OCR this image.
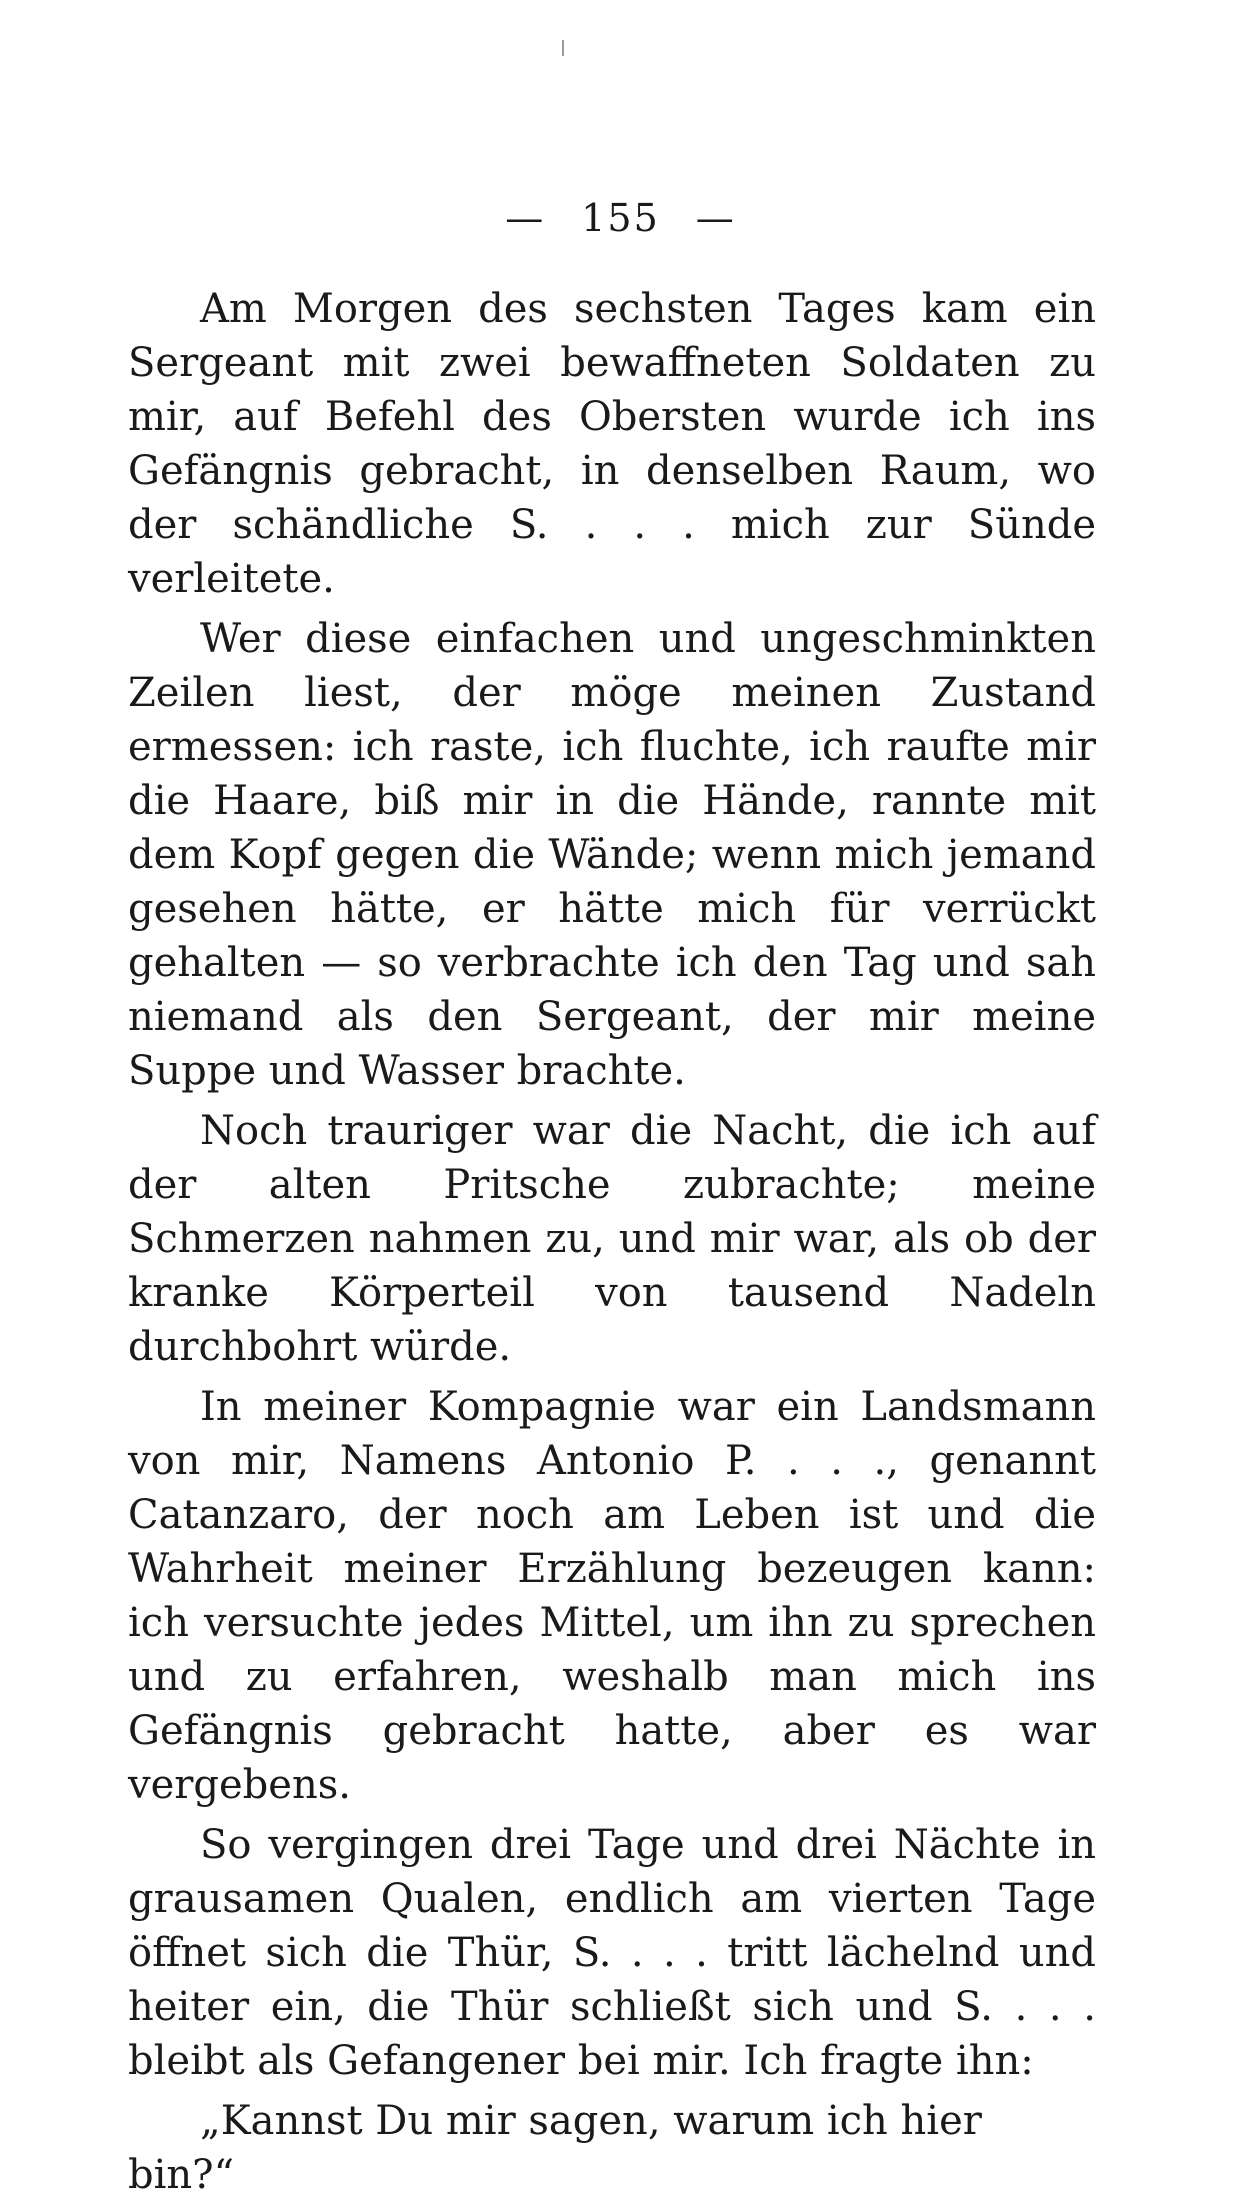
— 155 —

Am Morgen des sechsten Tages kam ein Sergeant mit zwei bewaffneten Soldaten zu mir, auf Befehl des Obersten wurde ich ins Gefängnis gebracht, in denselben Raum, wo der schändliche S. . . . mich zur Sünde verleitete.

Wer diese einfachen und ungeschminkten Zeilen liest, der möge meinen Zustand ermessen: ich raste, ich fluchte, ich raufte mir die Haare, biß mir in die Hände, rannte mit dem Kopf gegen die Wände; wenn mich jemand gesehen hätte, er hätte mich für verrückt gehalten — so verbrachte ich den Tag und sah niemand als den Sergeant, der mir meine Suppe und Wasser brachte.

Noch trauriger war die Nacht, die ich auf der alten Pritsche zubrachte; meine Schmerzen nahmen zu, und mir war, als ob der kranke Körperteil von tausend Nadeln durchbohrt würde.

In meiner Kompagnie war ein Landsmann von mir, Namens Antonio P. . . ., genannt Catanzaro, der noch am Leben ist und die Wahrheit meiner Erzählung bezeugen kann: ich versuchte jedes Mittel, um ihn zu sprechen und zu erfahren, weshalb man mich ins Gefängnis gebracht hatte, aber es war vergebens.

So vergingen drei Tage und drei Nächte in grausamen Qualen, endlich am vierten Tage öffnet sich die Thür, S. . . . tritt lächelnd und heiter ein, die Thür schließt sich und S. . . . bleibt als Gefangener bei mir. Ich fragte ihn:

„Kannst Du mir sagen, warum ich hier bin?“
